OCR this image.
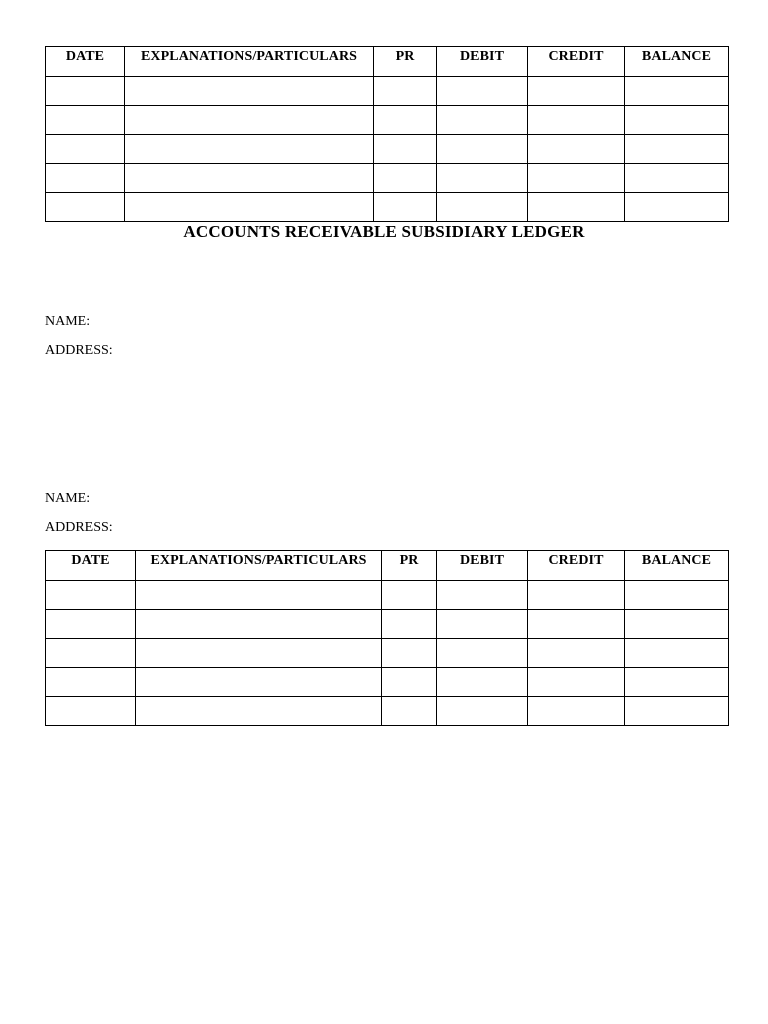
DATE	EXPLANATIONS/PARTICULARS	PR	DEBIT	CREDIT	BALANCE

ACCOUNTS RECEIVABLE SUBSIDIARY LEDGER
NAME:
ADDRESS:
NAME:
ADDRESS:
DATE	EXPLANATIONS/PARTICULARS	PR	DEBIT	CREDIT	BALANCE
